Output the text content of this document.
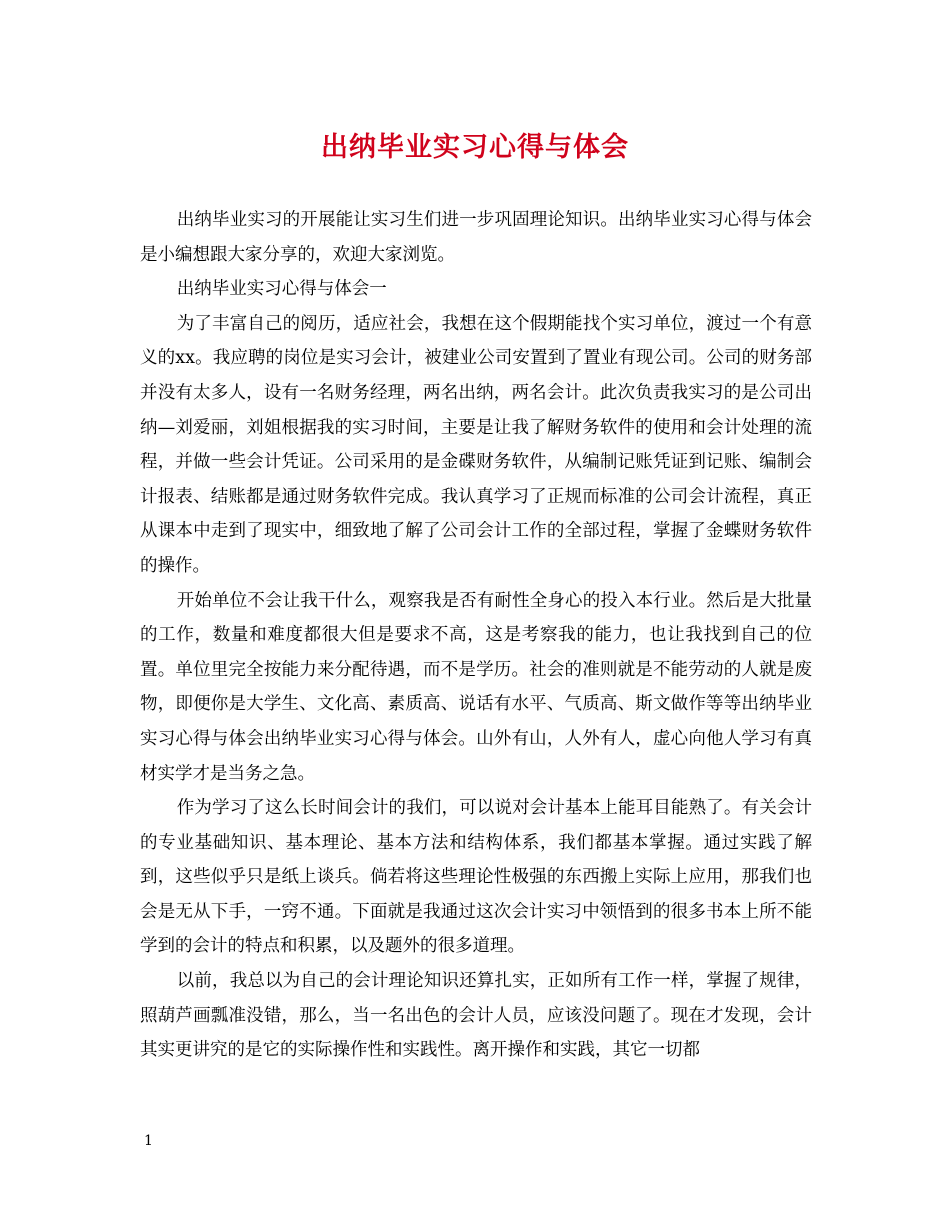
出纳毕业实习心得与体会

出纳毕业实习的开展能让实习生们进一步巩固理论知识。出纳毕业实习心得与体会是小编想跟大家分享的，欢迎大家浏览。

出纳毕业实习心得与体会一

为了丰富自己的阅历，适应社会，我想在这个假期能找个实习单位，渡过一个有意义的xx。我应聘的岗位是实习会计，被建业公司安置到了置业有现公司。公司的财务部并没有太多人，设有一名财务经理，两名出纳，两名会计。此次负责我实习的是公司出纳—刘爱丽，刘姐根据我的实习时间，主要是让我了解财务软件的使用和会计处理的流程，并做一些会计凭证。公司采用的是金碟财务软件，从编制记账凭证到记账、编制会计报表、结账都是通过财务软件完成。我认真学习了正规而标准的公司会计流程，真正从课本中走到了现实中，细致地了解了公司会计工作的全部过程，掌握了金蝶财务软件的操作。

开始单位不会让我干什么，观察我是否有耐性全身心的投入本行业。然后是大批量的工作，数量和难度都很大但是要求不高，这是考察我的能力，也让我找到自己的位置。单位里完全按能力来分配待遇，而不是学历。社会的准则就是不能劳动的人就是废物，即便你是大学生、文化高、素质高、说话有水平、气质高、斯文做作等等出纳毕业实习心得与体会出纳毕业实习心得与体会。山外有山，人外有人，虚心向他人学习有真材实学才是当务之急。

作为学习了这么长时间会计的我们，可以说对会计基本上能耳目能熟了。有关会计的专业基础知识、基本理论、基本方法和结构体系，我们都基本掌握。通过实践了解到，这些似乎只是纸上谈兵。倘若将这些理论性极强的东西搬上实际上应用，那我们也会是无从下手，一窍不通。下面就是我通过这次会计实习中领悟到的很多书本上所不能学到的会计的特点和积累，以及题外的很多道理。

以前，我总以为自己的会计理论知识还算扎实，正如所有工作一样，掌握了规律，照葫芦画瓢准没错，那么，当一名出色的会计人员，应该没问题了。现在才发现，会计其实更讲究的是它的实际操作性和实践性。离开操作和实践，其它一切都

1
